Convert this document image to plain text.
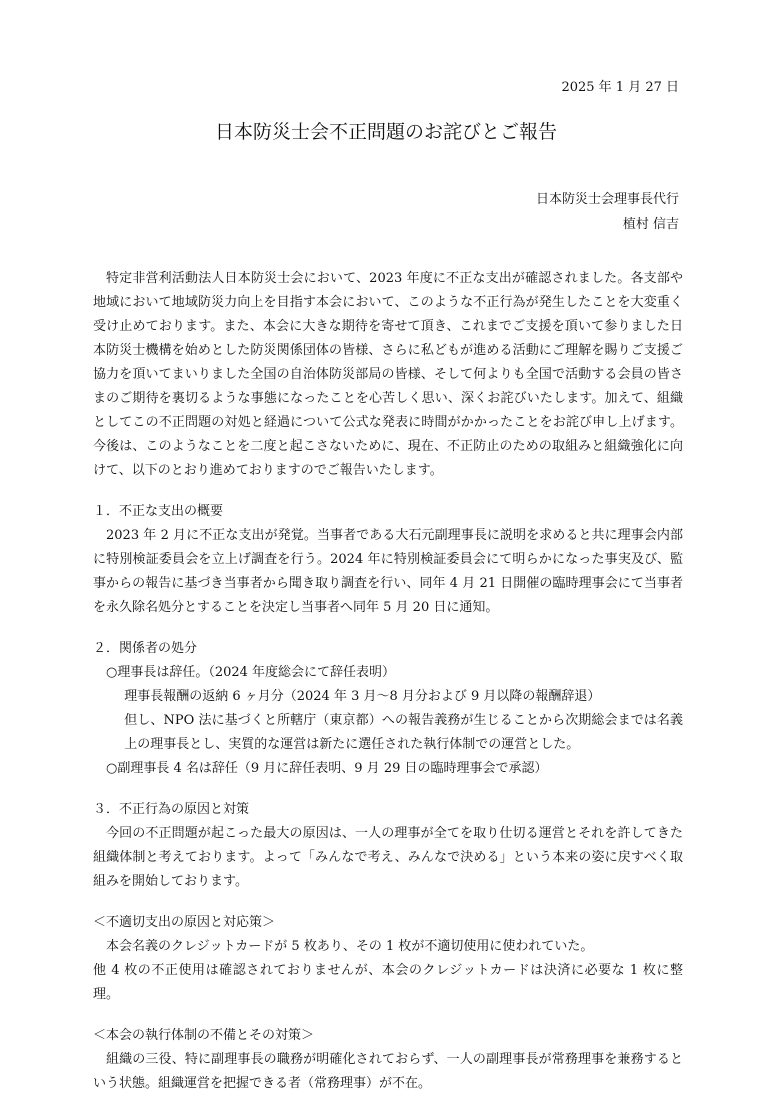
2025 年 1 月 27 日
日本防災士会不正問題のお詫びとご報告
日本防災士会理事長代行
植村 信吉

特定非営利活動法人日本防災士会において、2023 年度に不正な支出が確認されました。各支部や地域において地域防災力向上を目指す本会において、このような不正行為が発生したことを大変重く受け止めております。また、本会に大きな期待を寄せて頂き、これまでご支援を頂いて参りました日本防災士機構を始めとした防災関係団体の皆様、さらに私どもが進める活動にご理解を賜りご支援ご協力を頂いてまいりました全国の自治体防災部局の皆様、そして何よりも全国で活動する会員の皆さまのご期待を裏切るような事態になったことを心苦しく思い、深くお詫びいたします。加えて、組織としてこの不正問題の対処と経過について公式な発表に時間がかかったことをお詫び申し上げます。今後は、このようなことを二度と起こさないために、現在、不正防止のための取組みと組織強化に向けて、以下のとおり進めておりますのでご報告いたします。

１．不正な支出の概要

2023 年 2 月に不正な支出が発覚。当事者である大石元副理事長に説明を求めると共に理事会内部に特別検証委員会を立上げ調査を行う。2024 年に特別検証委員会にて明らかになった事実及び、監事からの報告に基づき当事者から聞き取り調査を行い、同年 4 月 21 日開催の臨時理事会にて当事者を永久除名処分とすることを決定し当事者へ同年 5 月 20 日に通知。

２．関係者の処分

○理事長は辞任。（2024 年度総会にて辞任表明）

理事長報酬の返納 6 ヶ月分（2024 年 3 月～8 月分および 9 月以降の報酬辞退）

但し、NPO 法に基づくと所轄庁（東京都）への報告義務が生じることから次期総会までは名義上の理事長とし、実質的な運営は新たに選任された執行体制での運営とした。

○副理事長 4 名は辞任（9 月に辞任表明、9 月 29 日の臨時理事会で承認）

３．不正行為の原因と対策

今回の不正問題が起こった最大の原因は、一人の理事が全てを取り仕切る運営とそれを許してきた組織体制と考えております。よって「みんなで考え、みんなで決める」という本来の姿に戻すべく取組みを開始しております。

＜不適切支出の原因と対応策＞

本会名義のクレジットカードが 5 枚あり、その 1 枚が不適切使用に使われていた。

他 4 枚の不正使用は確認されておりませんが、本会のクレジットカードは決済に必要な 1 枚に整理。

＜本会の執行体制の不備とその対策＞

組織の三役、特に副理事長の職務が明確化されておらず、一人の副理事長が常務理事を兼務するという状態。組織運営を把握できる者（常務理事）が不在。
